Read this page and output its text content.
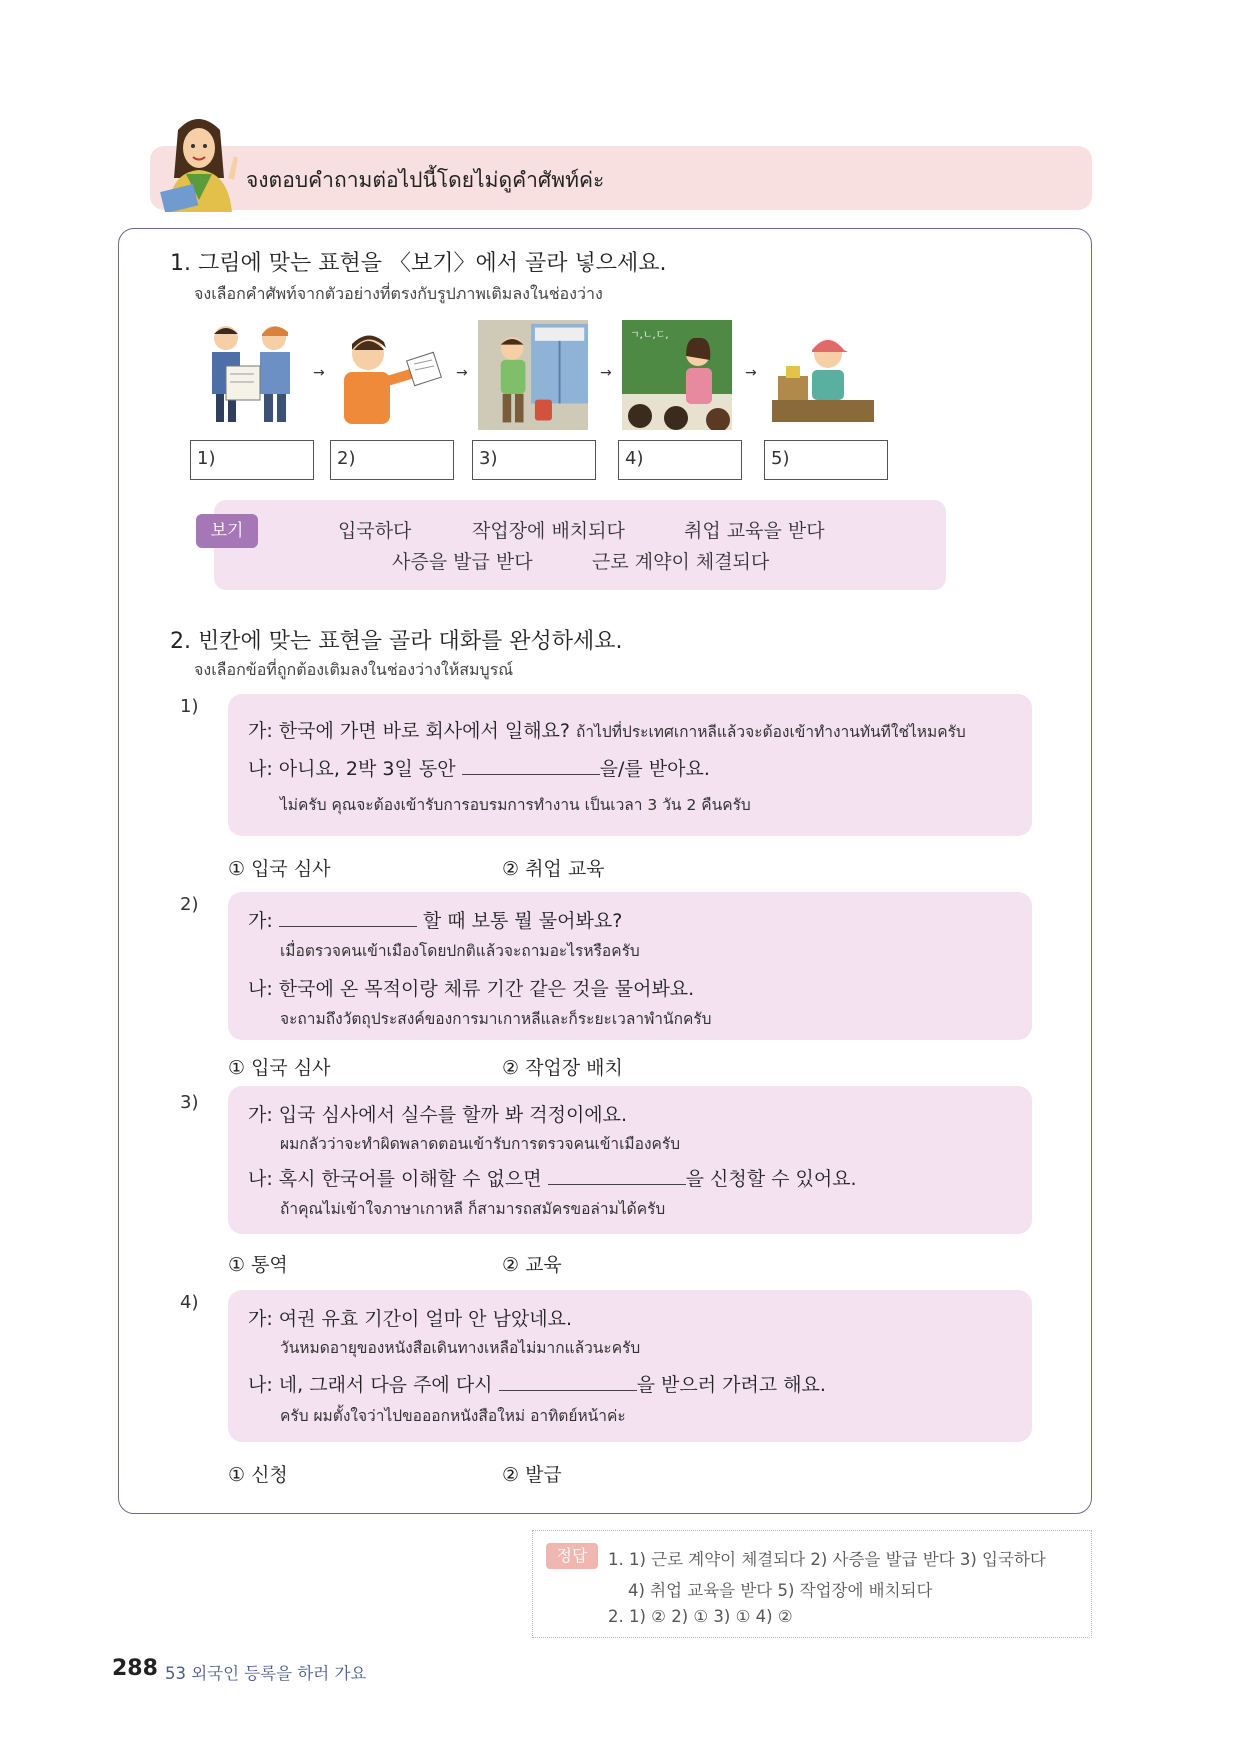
จงตอบคำถามต่อไปนี้โดยไม่ดูคำศัพท์ค่ะ
1. 그림에 맞는 표현을 〈보기〉에서 골라 넣으세요.
จงเลือกคำศัพท์จากตัวอย่างที่ตรงกับรูปภาพเติมลงในช่องว่าง
→	→	→
ㄱ,ㄴ,ㄷ,
→
1)	2)	3)	4)	5)
보기	입국하다	작업장에 배치되다	취업 교육을 받다
사증을 발급 받다	근로 계약이 체결되다
2. 빈칸에 맞는 표현을 골라 대화를 완성하세요.
จงเลือกข้อที่ถูกต้องเติมลงในช่องว่างให้สมบูรณ์
1)
가: 한국에 가면 바로 회사에서 일해요? ถ้าไปที่ประเทศเกาหลีแล้วจะต้องเข้าทำงานทันทีใช่ไหมครับ
나: 아니요, 2박 3일 동안	을/를 받아요.
ไม่ครับ คุณจะต้องเข้ารับการอบรมการทำงาน เป็นเวลา 3 วัน 2 คืนครับ
① 입국 심사	② 취업 교육
2)
가:	할 때 보통 뭘 물어봐요?
เมื่อตรวจคนเข้าเมืองโดยปกติแล้วจะถามอะไรหรือครับ
나: 한국에 온 목적이랑 체류 기간 같은 것을 물어봐요.
จะถามถึงวัตถุประสงค์ของการมาเกาหลีและก็ระยะเวลาพำนักครับ
① 입국 심사	② 작업장 배치
3)
가: 입국 심사에서 실수를 할까 봐 걱정이에요.
ผมกลัวว่าจะทำผิดพลาดตอนเข้ารับการตรวจคนเข้าเมืองครับ
나: 혹시 한국어를 이해할 수 없으면	을 신청할 수 있어요.
ถ้าคุณไม่เข้าใจภาษาเกาหลี ก็สามารถสมัครขอล่ามได้ครับ
① 통역	② 교육
4)
가: 여권 유효 기간이 얼마 안 남았네요.
วันหมดอายุของหนังสือเดินทางเหลือไม่มากแล้วนะครับ
나: 네, 그래서 다음 주에 다시	을 받으러 가려고 해요.
ครับ ผมตั้งใจว่าไปขอออกหนังสือใหม่ อาทิตย์หน้าค่ะ
① 신청	② 발급
정답	1. 1) 근로 계약이 체결되다 2) 사증을 발급 받다 3) 입국하다
4) 취업 교육을 받다 5) 작업장에 배치되다
2. 1) ② 2) ① 3) ① 4) ②
288 53 외국인 등록을 하러 가요
